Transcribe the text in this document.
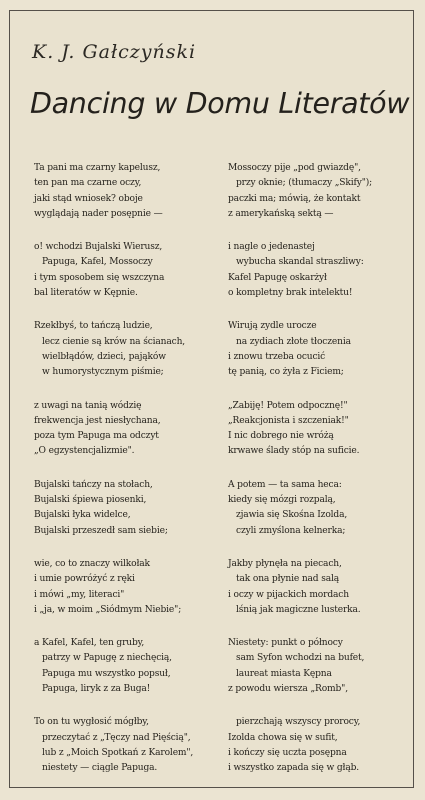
K. J. Gałczyński
Dancing w Domu Literatów
Ta pani ma czarny kapelusz,
ten pan ma czarne oczy,
jaki stąd wniosek? oboje
wyglądają nader posępnie —
o! wchodzi Bujalski Wierusz,
Papuga, Kafel, Mossoczy
i tym sposobem się wszczyna
bal literatów w Kępnie.
Rzekłbyś, to tańczą ludzie,
lecz cienie są krów na ścianach,
wielbłądów, dzieci, pająków
w humorystycznym piśmie;
z uwagi na tanią wódzię
frekwencja jest niesłychana,
poza tym Papuga ma odczyt
„O egzystencjalizmie".
Bujalski tańczy na stołach,
Bujalski śpiewa piosenki,
Bujalski łyka widelce,
Bujalski przeszedł sam siebie;
wie, co to znaczy wilkołak
i umie powróżyć z ręki
i mówi „my, literaci"
i „ja, w moim „Siódmym Niebie";
a Kafel, Kafel, ten gruby,
patrzy w Papugę z niechęcią,
Papuga mu wszystko popsuł,
Papuga, liryk z za Buga!
To on tu wygłosić mógłby,
przeczytać z „Tęczy nad Pięścią",
lub z „Moich Spotkań z Karolem",
niestety — ciągle Papuga.
Mossoczy pije „pod gwiazdę",
przy oknie; (tłumaczy „Skify");
paczki ma; mówią, że kontakt
z amerykańską sektą —
i nagle o jedenastej
wybucha skandal straszliwy:
Kafel Papugę oskarżył
o kompletny brak intelektu!
Wirują zydle urocze
na zydiach złote tłoczenia
i znowu trzeba ocucić
tę panią, co żyła z Ficiem;
„Zabiję! Potem odpocznę!"
„Reakcjonista i szczeniak!"
I nic dobrego nie wróżą
krwawe ślady stóp na suficie.
A potem — ta sama heca:
kiedy się mózgi rozpalą,
zjawia się Skośna Izolda,
czyli zmyślona kelnerka;
Jakby płynęła na piecach,
tak ona płynie nad salą
i oczy w pijackich mordach
lśnią jak magiczne lusterka.
Niestety: punkt o północy
sam Syfon wchodzi na bufet,
laureat miasta Kępna
z powodu wiersza „Romb",
pierzchają wszyscy prorocy,
Izolda chowa się w sufit,
i kończy się uczta posępna
i wszystko zapada się w głąb.
